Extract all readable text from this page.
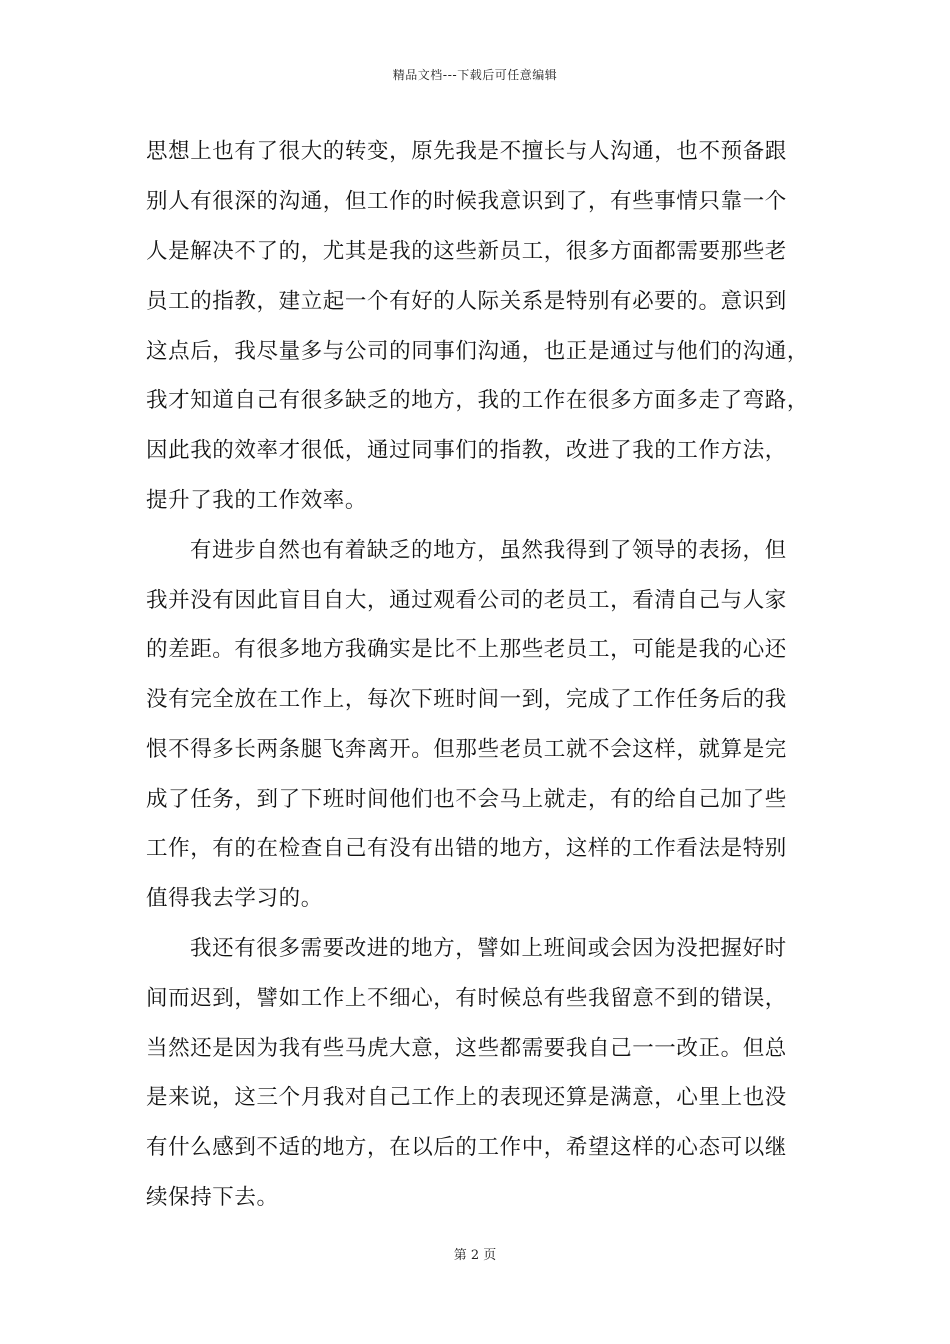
精品文档---下载后可任意编辑
思想上也有了很大的转变，原先我是不擅长与人沟通，也不预备跟
别人有很深的沟通，但工作的时候我意识到了，有些事情只靠一个
人是解决不了的，尤其是我的这些新员工，很多方面都需要那些老
员工的指教，建立起一个有好的人际关系是特别有必要的。意识到
这点后，我尽量多与公司的同事们沟通，也正是通过与他们的沟通，
我才知道自己有很多缺乏的地方，我的工作在很多方面多走了弯路，
因此我的效率才很低，通过同事们的指教，改进了我的工作方法，
提升了我的工作效率。
有进步自然也有着缺乏的地方，虽然我得到了领导的表扬，但
我并没有因此盲目自大，通过观看公司的老员工，看清自己与人家
的差距。有很多地方我确实是比不上那些老员工，可能是我的心还
没有完全放在工作上，每次下班时间一到，完成了工作任务后的我
恨不得多长两条腿飞奔离开。但那些老员工就不会这样，就算是完
成了任务，到了下班时间他们也不会马上就走，有的给自己加了些
工作，有的在检查自己有没有出错的地方，这样的工作看法是特别
值得我去学习的。
我还有很多需要改进的地方，譬如上班间或会因为没把握好时
间而迟到，譬如工作上不细心，有时候总有些我留意不到的错误，
当然还是因为我有些马虎大意，这些都需要我自己一一改正。但总
是来说，这三个月我对自己工作上的表现还算是满意，心里上也没
有什么感到不适的地方，在以后的工作中，希望这样的心态可以继
续保持下去。
第 2 页
